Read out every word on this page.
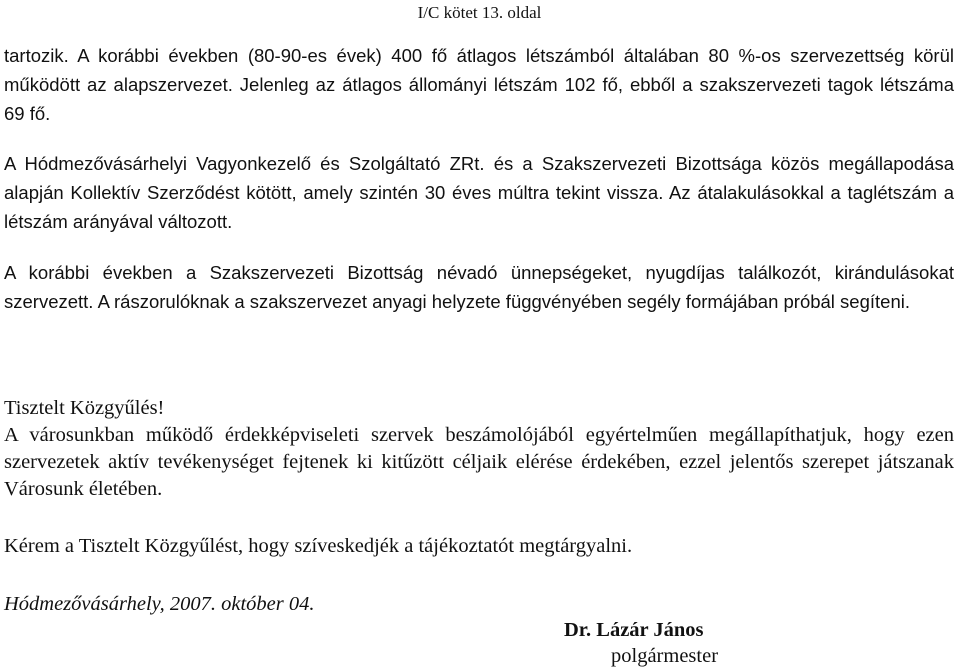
I/C kötet 13. oldal
tartozik. A korábbi években (80-90-es évek) 400 fő átlagos létszámból általában 80 %-os szervezettség körül működött az alapszervezet. Jelenleg az átlagos állományi létszám 102 fő, ebből a szakszervezeti tagok létszáma 69 fő.
A Hódmezővásárhelyi Vagyonkezelő és Szolgáltató ZRt. és a Szakszervezeti Bizottsága közös megállapodása alapján Kollektív Szerződést kötött, amely szintén 30 éves múltra tekint vissza. Az átalakulásokkal a taglétszám a létszám arányával változott.
A korábbi években a Szakszervezeti Bizottság névadó ünnepségeket, nyugdíjas találkozót, kirándulásokat szervezett. A rászorulóknak a szakszervezet anyagi helyzete függvényében segély formájában próbál segíteni.
Tisztelt Közgyűlés!
A városunkban működő érdekképviseleti szervek beszámolójából egyértelműen megállapíthatjuk, hogy ezen szervezetek aktív tevékenységet fejtenek ki kitűzött céljaik elérése érdekében, ezzel jelentős szerepet játszanak Városunk életében.
Kérem a Tisztelt Közgyűlést, hogy szíveskedjék a tájékoztatót megtárgyalni.
Hódmezővásárhely, 2007. október 04.
Dr. Lázár János
polgármester
